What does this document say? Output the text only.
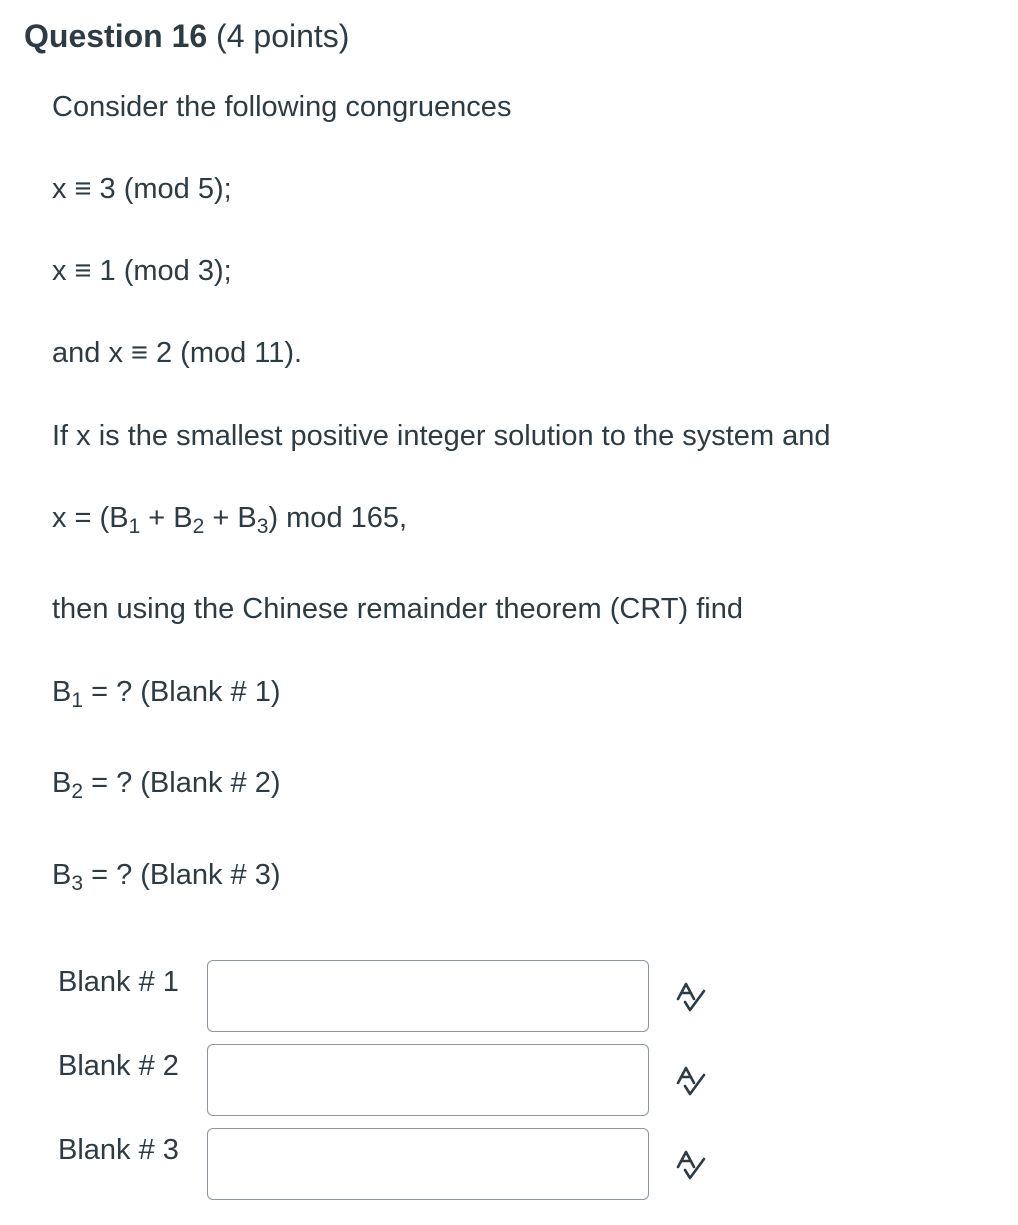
Question 16 (4 points)
Consider the following congruences
x ≡ 3 (mod 5);
x ≡ 1 (mod 3);
and x ≡ 2 (mod 11).
If x is the smallest positive integer solution to the system and
$x = (B_1 + B_2 + B_3)$ mod 165,
then using the Chinese remainder theorem (CRT) find
$B_1$ = ? (Blank # 1)
$B_2$ = ? (Blank # 2)
$B_3$ = ? (Blank # 3)
Blank # 1
Blank # 2
Blank # 3
